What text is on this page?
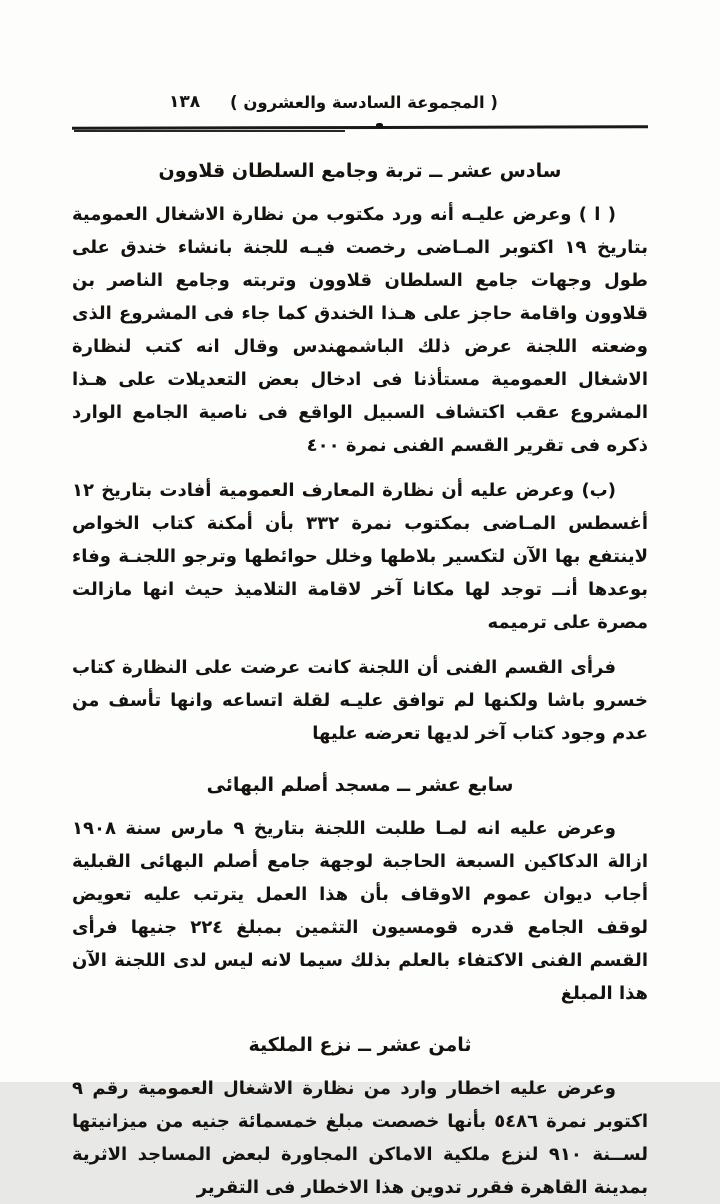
( المجموعة السادسة والعشرون )
١٣٨
سادس عشر ــ تربة وجامع السلطان قلاوون

( ا ) وعرض عليـه أنه ورد مكتوب من نظارة الاشغال العمومية بتاريخ ١٩ اكتوبر المـاضى رخصت فيـه للجنة بانشاء خندق على طول وجهات جامع السلطان قلاوون وتربته وجامع الناصر بن قلاوون واقامة حاجز على هـذا الخندق كما جاء فى المشروع الذى وضعته اللجنة عرض ذلك الباشمهندس وقال انه كتب لنظارة الاشغال العمومية مستأذنا فى ادخال بعض التعديلات على هـذا المشروع عقب اكتشاف السبيل الواقع فى ناصية الجامع الوارد ذكره فى تقرير القسم الفنى نمرة ٤٠٠

(ب) وعرض عليه أن نظارة المعارف العمومية أفادت بتاريخ ١٢ أغسطس المـاضى بمكتوب نمرة ٣٣٢ بأن أمكنة كتاب الخواص لاينتفع بها الآن لتكسير بلاطها وخلل حوائطها وترجو اللجنـة وفاء بوعدها أنــ توجد لها مكانا آخر لاقامة التلاميذ حيث انها مازالت مصرة على ترميمه

فرأى القسم الفنى أن اللجنة كانت عرضت على النظارة كتاب خسرو باشا ولكنها لم توافق عليـه لقلة اتساعه وانها تأسف من عدم وجود كتاب آخر لديها تعرضه عليها

سابع عشر ــ مسجد أصلم البهائى

وعرض عليه انه لمـا طلبت اللجنة بتاريخ ٩ مارس سنة ١٩٠٨ ازالة الدكاكين السبعة الحاجبة لوجهة جامع أصلم البهائى القبلية أجاب ديوان عموم الاوقاف بأن هذا العمل يترتب عليه تعويض لوقف الجامع قدره قومسيون التثمين بمبلغ ٢٢٤ جنيها فرأى القسم الفنى الاكتفاء بالعلم بذلك سيما لانه ليس لدى اللجنة الآن هذا المبلغ

ثامن عشر ــ نزع الملكية

وعرض عليه اخطار وارد من نظارة الاشغال العمومية رقم ٩ اكتوبر نمرة ٥٤٨٦ بأنها خصصت مبلغ خمسمائة جنيه من ميزانيتها لســنة ٩١٠ لنزع ملكية الاماكن المجاورة لبعض المساجد الاثرية بمدينة القاهرة فقرر تدوين هذا الاخطار فى التقرير
